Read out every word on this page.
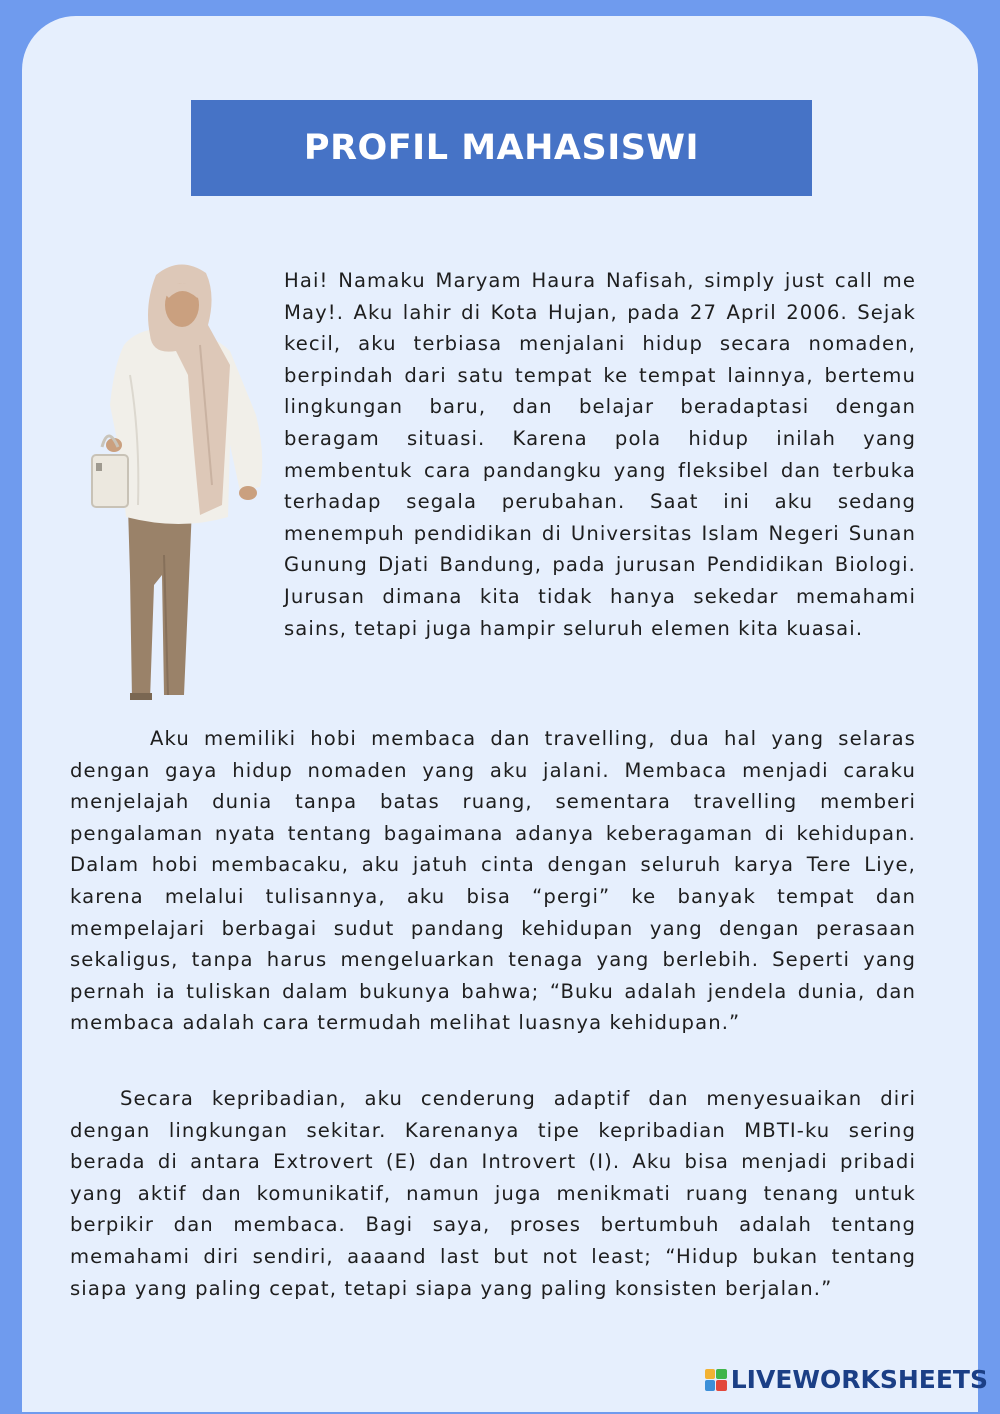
PROFIL MAHASISWI

Hai! Namaku Maryam Haura Nafisah, simply just call me May!. Aku lahir di Kota Hujan, pada 27 April 2006. Sejak kecil, aku terbiasa menjalani hidup secara nomaden, berpindah dari satu tempat ke tempat lainnya, bertemu lingkungan baru, dan belajar beradaptasi dengan beragam situasi. Karena pola hidup inilah yang membentuk cara pandangku yang fleksibel dan terbuka terhadap segala perubahan. Saat ini aku sedang menempuh pendidikan di Universitas Islam Negeri Sunan Gunung Djati Bandung, pada jurusan Pendidikan Biologi. Jurusan dimana kita tidak hanya sekedar memahami sains, tetapi juga hampir seluruh elemen kita kuasai.

Aku memiliki hobi membaca dan travelling, dua hal yang selaras dengan gaya hidup nomaden yang aku jalani. Membaca menjadi caraku menjelajah dunia tanpa batas ruang, sementara travelling memberi pengalaman nyata tentang bagaimana adanya keberagaman di kehidupan. Dalam hobi membacaku, aku jatuh cinta dengan seluruh karya Tere Liye, karena melalui tulisannya, aku bisa “pergi” ke banyak tempat dan mempelajari berbagai sudut pandang kehidupan yang dengan perasaan sekaligus, tanpa harus mengeluarkan tenaga yang berlebih. Seperti yang pernah ia tuliskan dalam bukunya bahwa; “Buku adalah jendela dunia, dan membaca adalah cara termudah melihat luasnya kehidupan.”

Secara kepribadian, aku cenderung adaptif dan menyesuaikan diri dengan lingkungan sekitar. Karenanya tipe kepribadian MBTI-ku sering berada di antara Extrovert (E) dan Introvert (I). Aku bisa menjadi pribadi yang aktif dan komunikatif, namun juga menikmati ruang tenang untuk berpikir dan membaca. Bagi saya, proses bertumbuh adalah tentang memahami diri sendiri, aaaand last but not least; “Hidup bukan tentang siapa yang paling cepat, tetapi siapa yang paling konsisten berjalan.”

LIVEWORKSHEETS
